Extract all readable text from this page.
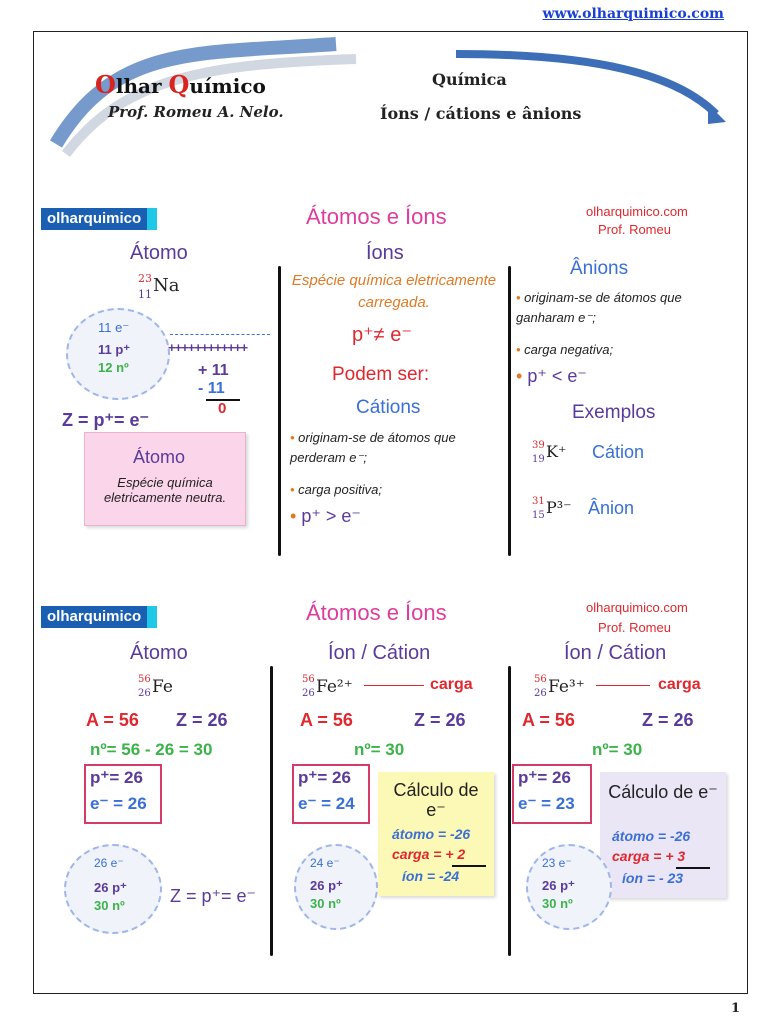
www.olharquimico.com
Olhar Químico
Prof. Romeu A. Nelo.
Química
Íons / cátions e ânions
olharquimico	Átomos e Íons	olharquimico.com
Prof. Romeu
Átomo
23
11 Na
11 e⁻
11 p⁺
12 nº
++++++++++++
+ 11
- 11
0
Z = p⁺= e⁻
Átomo
Espécie química eletricamente neutra.
Íons
Espécie química eletricamente carregada.
p⁺≠ e⁻
Podem ser:
Cátions
• originam-se de átomos que perderam e⁻;
• carga positiva;
• p⁺ > e⁻
Ânions
• originam-se de átomos que ganharam e⁻;
• carga negativa;
• p⁺ < e⁻
Exemplos
39
19 K⁺ Cátion
31
15 P³⁻ Ânion
olharquimico	Átomos e Íons	olharquimico.com
Prof. Romeu
Átomo
56
26 Fe
A = 56 Z = 26
nº= 56 - 26 = 30
p⁺= 26
e⁻ = 26
26 e⁻
26 p⁺
30 nº	Z = p⁺= e⁻
Íon / Cátion
56
26 Fe²⁺	carga
A = 56	Z = 26
nº= 30
p⁺= 26
e⁻ = 24
Cálculo de e⁻
átomo = -26
carga = + 2
íon = -24
24 e⁻
26 p⁺
30 nº
Íon / Cátion
56
26 Fe³⁺	carga
A = 56	Z = 26
nº= 30
p⁺= 26
e⁻ = 23
Cálculo de e⁻
átomo = -26
carga = + 3
íon = - 23
23 e⁻
26 p⁺
30 nº
1
